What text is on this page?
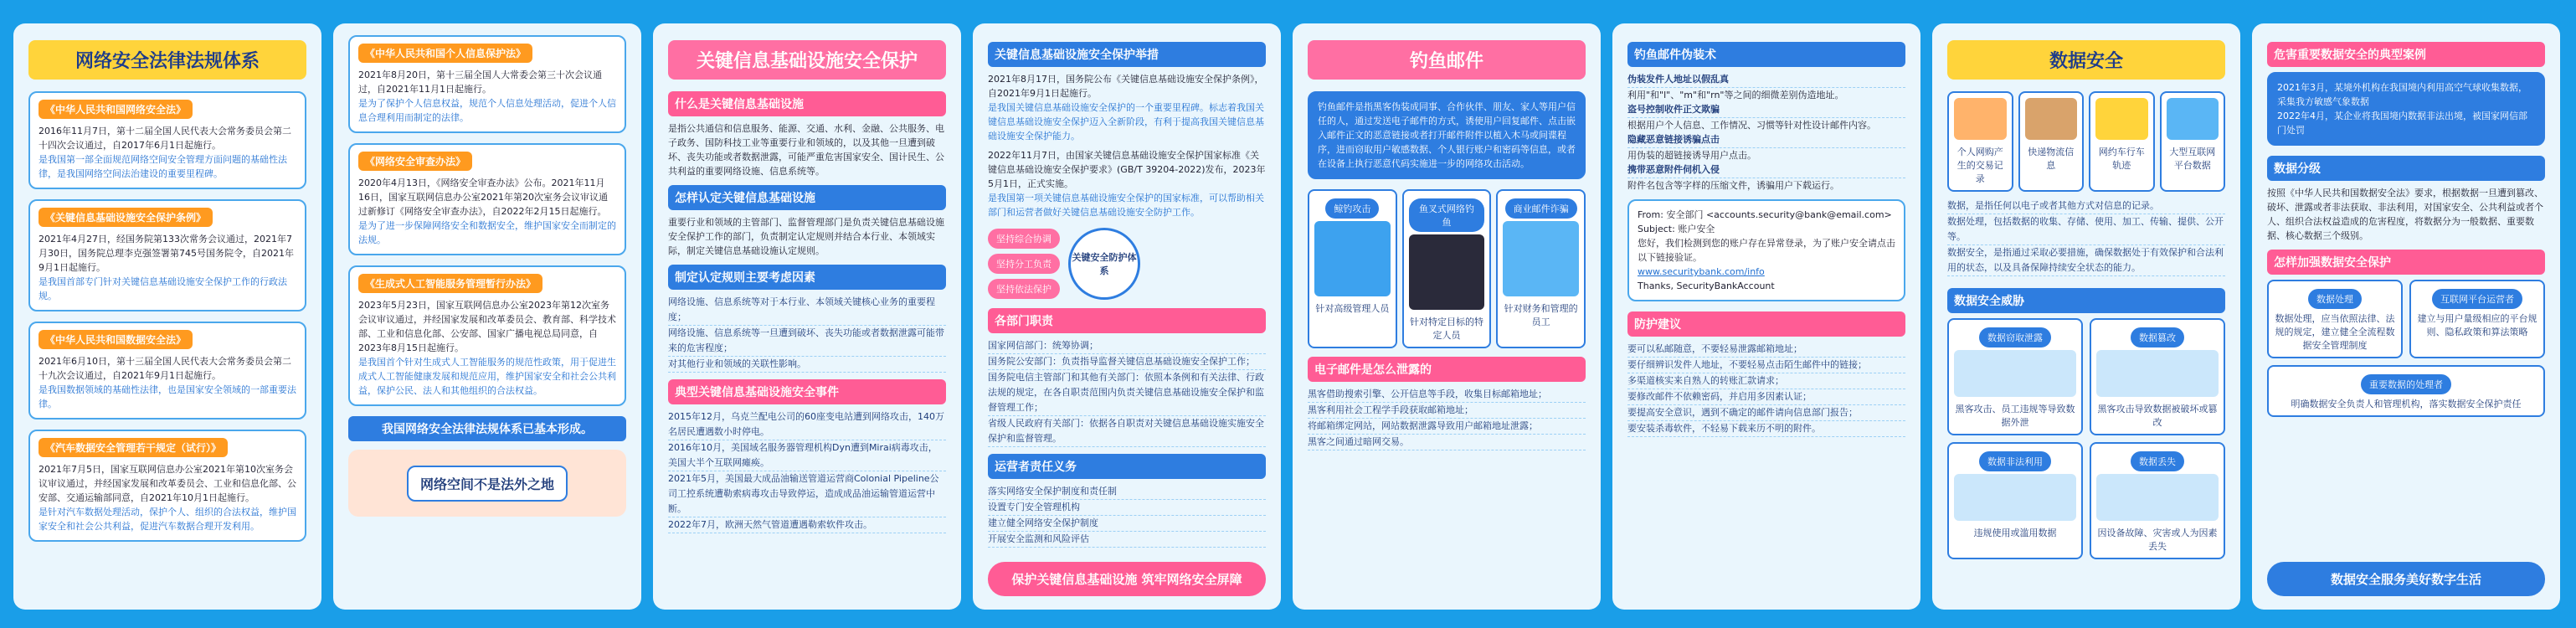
网络安全法律法规体系
《中华人民共和国网络安全法》
2016年11月7日，第十二届全国人民代表大会常务委员会第二十四次会议通过，自2017年6月1日起施行。
是我国第一部全面规范网络空间安全管理方面问题的基础性法律，是我国网络空间法治建设的重要里程碑。
《关键信息基础设施安全保护条例》
2021年4月27日，经国务院第133次常务会议通过，2021年7月30日，国务院总理李克强签署第745号国务院令，自2021年9月1日起施行。
是我国首部专门针对关键信息基础设施安全保护工作的行政法规。
《中华人民共和国数据安全法》
2021年6月10日，第十三届全国人民代表大会常务委员会第二十九次会议通过，自2021年9月1日起施行。
是我国数据领域的基础性法律，也是国家安全领域的一部重要法律。
《汽车数据安全管理若干规定（试行）》
2021年7月5日，国家互联网信息办公室2021年第10次室务会议审议通过，并经国家发展和改革委员会、工业和信息化部、公安部、交通运输部同意，自2021年10月1日起施行。
是针对汽车数据处理活动，保护个人、组织的合法权益，维护国家安全和社会公共利益，促进汽车数据合理开发利用。
《中华人民共和国个人信息保护法》
2021年8月20日，第十三届全国人大常委会第三十次会议通过，自2021年11月1日起施行。
是为了保护个人信息权益，规范个人信息处理活动，促进个人信息合理利用而制定的法律。
《网络安全审查办法》
2020年4月13日，《网络安全审查办法》公布。2021年11月16日，国家互联网信息办公室2021年第20次室务会议审议通过新修订《网络安全审查办法》，自2022年2月15日起施行。
是为了进一步保障网络安全和数据安全，维护国家安全而制定的法规。
《生成式人工智能服务管理暂行办法》
2023年5月23日，国家互联网信息办公室2023年第12次室务会议审议通过，并经国家发展和改革委员会、教育部、科学技术部、工业和信息化部、公安部、国家广播电视总局同意，自2023年8月15日起施行。
是我国首个针对生成式人工智能服务的规范性政策，用于促进生成式人工智能健康发展和规范应用，维护国家安全和社会公共利益，保护公民、法人和其他组织的合法权益。
我国网络安全法律法规体系已基本形成。
网络空间不是法外之地
关键信息基础设施安全保护
什么是关键信息基础设施
是指公共通信和信息服务、能源、交通、水利、金融、公共服务、电子政务、国防科技工业等重要行业和领域的，以及其他一旦遭到破坏、丧失功能或者数据泄露，可能严重危害国家安全、国计民生、公共利益的重要网络设施、信息系统等。
怎样认定关键信息基础设施
重要行业和领域的主管部门、监督管理部门是负责关键信息基础设施安全保护工作的部门，负责制定认定规则并结合本行业、本领域实际，制定关键信息基础设施认定规则。
制定认定规则主要考虑因素
网络设施、信息系统等对于本行业、本领域关键核心业务的重要程度；
网络设施、信息系统等一旦遭到破坏、丧失功能或者数据泄露可能带来的危害程度；
对其他行业和领域的关联性影响。
典型关键信息基础设施安全事件
2015年12月，乌克兰配电公司的60座变电站遭到网络攻击，140万名居民遭遇数小时停电。
2016年10月，美国域名服务器管理机构Dyn遭到Mirai病毒攻击，美国大半个互联网瘫痪。
2021年5月，美国最大成品油输送管道运营商Colonial Pipeline公司工控系统遭勒索病毒攻击导致停运，造成成品油运输管道运营中断。
2022年7月，欧洲天然气管道遭遇勒索软件攻击。
关键信息基础设施安全保护举措
2021年8月17日，国务院公布《关键信息基础设施安全保护条例》，自2021年9月1日起施行。
是我国关键信息基础设施安全保护的一个重要里程碑。标志着我国关键信息基础设施安全保护迈入全新阶段，有利于提高我国关键信息基础设施安全保护能力。
2022年11月7日，由国家关键信息基础设施安全保护国家标准《关键信息基础设施安全保护要求》(GB/T 39204-2022)发布，2023年5月1日，正式实施。
是我国第一项关键信息基础设施安全保护的国家标准，可以帮助相关部门和运营者做好关键信息基础设施安全防护工作。
坚持综合协调
坚持分工负责
坚持依法保护
关键安全防护体系
各部门职责
国家网信部门：统筹协调；
国务院公安部门：负责指导监督关键信息基础设施安全保护工作；
国务院电信主管部门和其他有关部门：依照本条例和有关法律、行政法规的规定，在各自职责范围内负责关键信息基础设施安全保护和监督管理工作；
省级人民政府有关部门：依据各自职责对关键信息基础设施实施安全保护和监督管理。
运营者责任义务
落实网络安全保护制度和责任制
设置专门安全管理机构
建立健全网络安全保护制度
开展安全监测和风险评估
保护关键信息基础设施 筑牢网络安全屏障
钓鱼邮件
钓鱼邮件是指黑客伪装成同事、合作伙伴、朋友、家人等用户信任的人，通过发送电子邮件的方式，诱使用户回复邮件、点击嵌入邮件正文的恶意链接或者打开邮件附件以植入木马或间谍程序，进而窃取用户敏感数据、个人银行账户和密码等信息，或者在设备上执行恶意代码实施进一步的网络攻击活动。
鲸钓攻击
针对高级管理人员
鱼叉式网络钓鱼
针对特定目标的特定人员
商业邮件诈骗
针对财务和管理的员工
电子邮件是怎么泄露的
黑客借助搜索引擎、公开信息等手段，收集目标邮箱地址；
黑客利用社会工程学手段获取邮箱地址；
将邮箱绑定网站，网站数据泄露导致用户邮箱地址泄露；
黑客之间通过暗网交易。
钓鱼邮件伪装术
伪装发件人地址以假乱真
利用"和"l"、"m"和"rn"等之间的细微差别伪造地址。
盗号控制收件正文欺骗
根据用户个人信息、工作情况、习惯等针对性设计邮件内容。
隐藏恶意链接诱骗点击
用伪装的超链接诱导用户点击。
携带恶意附件伺机入侵
附件名包含等字样的压缩文件，诱骗用户下载运行。
From: 安全部门 <accounts.security@bank@email.com>
Subject: 账户安全
您好，我们检测到您的账户存在异常登录，为了账户安全请点击以下链接验证。
www.securitybank.com/info
Thanks, SecurityBankAccount
防护建议
要可以私邮随意，不要轻易泄露邮箱地址；
要仔细辨识发件人地址，不要轻易点击陌生邮件中的链接；
多渠道核实来自熟人的转账汇款请求；
要修改邮件不依赖密码，并启用多因素认证；
要提高安全意识，遇到不确定的邮件请向信息部门报告；
要安装杀毒软件，不轻易下载来历不明的附件。
数据安全
个人网购产生的交易记录
快递物流信息
网约车行车轨迹
大型互联网平台数据
数据，是指任何以电子或者其他方式对信息的记录。
数据处理，包括数据的收集、存储、使用、加工、传输、提供、公开等。
数据安全，是指通过采取必要措施，确保数据处于有效保护和合法利用的状态，以及具备保障持续安全状态的能力。
数据安全威胁
数据窃取泄露
黑客攻击、员工违规等导致数据外泄
数据篡改
黑客攻击导致数据被破坏或篡改
数据非法利用
违规使用或滥用数据
数据丢失
因设备故障、灾害或人为因素丢失
危害重要数据安全的典型案例
2021年3月，某境外机构在我国境内利用高空气球收集数据，采集我方敏感气象数据
2022年4月，某企业将我国境内数据非法出境，被国家网信部门处罚
数据分级
按照《中华人民共和国数据安全法》要求，根据数据一旦遭到篡改、破坏、泄露或者非法获取、非法利用，对国家安全、公共利益或者个人、组织合法权益造成的危害程度，将数据分为一般数据、重要数据、核心数据三个级别。
怎样加强数据安全保护
数据处理
数据处理，应当依照法律、法规的规定，建立健全全流程数据安全管理制度
互联网平台运营者
建立与用户量级相应的平台规则、隐私政策和算法策略
重要数据的处理者
明确数据安全负责人和管理机构，落实数据安全保护责任
数据安全服务美好数字生活
